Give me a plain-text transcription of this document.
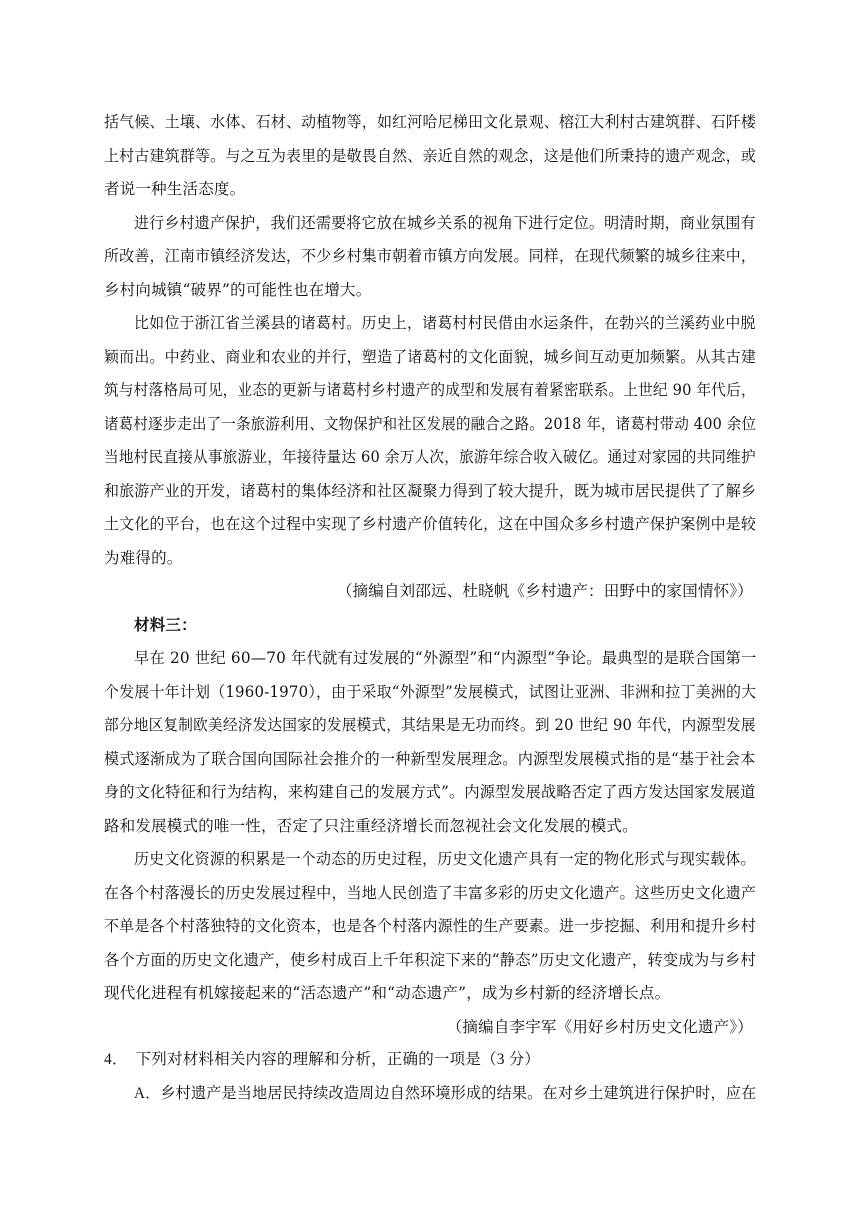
括气候、土壤、水体、石材、动植物等，如红河哈尼梯田文化景观、榕江大利村古建筑群、石阡楼
上村古建筑群等。与之互为表里的是敬畏自然、亲近自然的观念，这是他们所秉持的遗产观念，或
者说一种生活态度。
进行乡村遗产保护，我们还需要将它放在城乡关系的视角下进行定位。明清时期，商业氛围有
所改善，江南市镇经济发达，不少乡村集市朝着市镇方向发展。同样，在现代频繁的城乡往来中，
乡村向城镇“破界”的可能性也在增大。
比如位于浙江省兰溪县的诸葛村。历史上，诸葛村村民借由水运条件，在勃兴的兰溪药业中脱
颖而出。中药业、商业和农业的并行，塑造了诸葛村的文化面貌，城乡间互动更加频繁。从其古建
筑与村落格局可见，业态的更新与诸葛村乡村遗产的成型和发展有着紧密联系。上世纪 90 年代后，
诸葛村逐步走出了一条旅游利用、文物保护和社区发展的融合之路。2018 年，诸葛村带动 400 余位
当地村民直接从事旅游业，年接待量达 60 余万人次，旅游年综合收入破亿。通过对家园的共同维护
和旅游产业的开发，诸葛村的集体经济和社区凝聚力得到了较大提升，既为城市居民提供了了解乡
土文化的平台，也在这个过程中实现了乡村遗产价值转化，这在中国众多乡村遗产保护案例中是较
为难得的。
（摘编自刘邵远、杜晓帆《乡村遗产：田野中的家国情怀》）
材料三：
早在 20 世纪 60—70 年代就有过发展的“外源型”和“内源型”争论。最典型的是联合国第一
个发展十年计划（1960-1970），由于采取“外源型”发展模式，试图让亚洲、非洲和拉丁美洲的大
部分地区复制欧美经济发达国家的发展模式，其结果是无功而终。到 20 世纪 90 年代，内源型发展
模式逐渐成为了联合国向国际社会推介的一种新型发展理念。内源型发展模式指的是“基于社会本
身的文化特征和行为结构，来构建自己的发展方式”。内源型发展战略否定了西方发达国家发展道
路和发展模式的唯一性，否定了只注重经济增长而忽视社会文化发展的模式。
历史文化资源的积累是一个动态的历史过程，历史文化遗产具有一定的物化形式与现实载体。
在各个村落漫长的历史发展过程中，当地人民创造了丰富多彩的历史文化遗产。这些历史文化遗产
不单是各个村落独特的文化资本，也是各个村落内源性的生产要素。进一步挖掘、利用和提升乡村
各个方面的历史文化遗产，使乡村成百上千年积淀下来的“静态”历史文化遗产，转变成为与乡村
现代化进程有机嫁接起来的“活态遗产”和“动态遗产”，成为乡村新的经济增长点。
（摘编自李宇军《用好乡村历史文化遗产》）
4．　下列对材料相关内容的理解和分析，正确的一项是（3 分）
A．乡村遗产是当地居民持续改造周边自然环境形成的结果。在对乡土建筑进行保护时，应在
